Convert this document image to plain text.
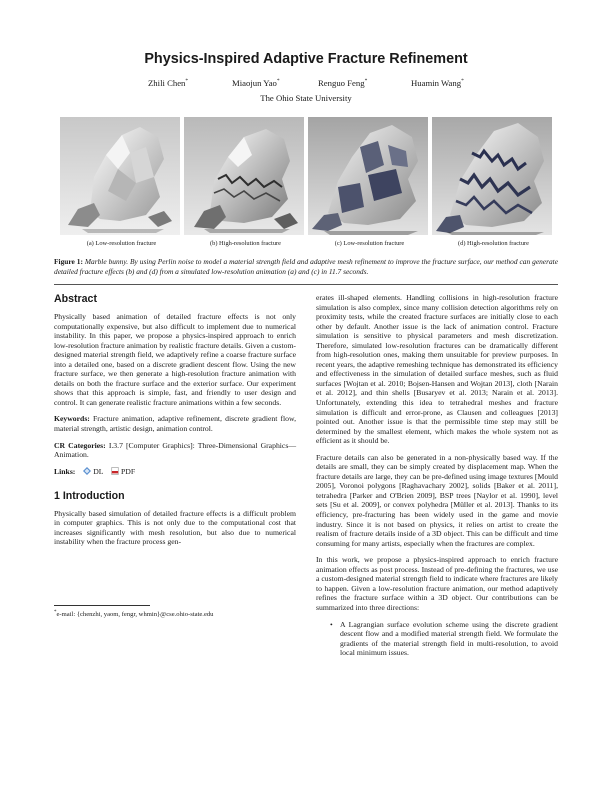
Physics-Inspired Adaptive Fracture Refinement
Zhili Chen*	Miaojun Yao*	Renguo Feng*	Huamin Wang*
The Ohio State University
(a) Low-resolution fracture	(b) High-resolution fracture	(c) Low-resolution fracture	(d) High-resolution fracture
Figure 1: Marble bunny. By using Perlin noise to model a material strength field and adaptive mesh refinement to improve the fracture surface, our method can generate detailed fracture effects (b) and (d) from a simulated low-resolution animation (a) and (c) in 11.7 seconds.
Abstract

Physically based animation of detailed fracture effects is not only computationally expensive, but also difficult to implement due to numerical instability. In this paper, we propose a physics-inspired approach to enrich low-resolution fracture animation by realistic fracture details. Given a custom-designed material strength field, we adaptively refine a coarse fracture surface into a detailed one, based on a discrete gradient descent flow. Using the new fracture surface, we then generate a high-resolution fracture animation with details on both the fracture surface and the exterior surface. Our experiment shows that this approach is simple, fast, and friendly to user design and control. It can generate realistic fracture animations within a few seconds.

Keywords: Fracture animation, adaptive refinement, discrete gradient flow, material strength, artistic design, animation control.

CR Categories: I.3.7 [Computer Graphics]: Three-Dimensional Graphics—Animation.

Links: DL PDF
1 Introduction

Physically based simulation of detailed fracture effects is a difficult problem in computer graphics. This is not only due to the computational cost that increases significantly with mesh resolution, but also due to numerical instability when the fracture process gen-

*e-mail: {chenzhi, yaom, fengr, whmin}@cse.ohio-state.edu

erates ill-shaped elements. Handling collisions in high-resolution fracture simulation is also complex, since many collision detection algorithms rely on proximity tests, while the created fracture surfaces are initially close to each other by default. Another issue is the lack of animation control. Fracture simulation is sensitive to physical parameters and mesh discretization. Therefore, simulated low-resolution fractures can be dramatically different from high-resolution ones, making them unsuitable for preview purposes. In recent years, the adaptive remeshing technique has demonstrated its efficiency and effectiveness in the simulation of detailed surface meshes, such as fluid surfaces [Wojtan et al. 2010; Bojsen-Hansen and Wojtan 2013], cloth [Narain et al. 2012], and thin shells [Busaryev et al. 2013; Narain et al. 2013]. Unfortunately, extending this idea to tetrahedral meshes and fracture simulation is difficult and error-prone, as Clausen and colleagues [2013] pointed out. Another issue is that the permissible time step may still be determined by the smallest element, which makes the whole system not as efficient as it should be.

Fracture details can also be generated in a non-physically based way. If the details are small, they can be simply created by displacement map. When the fracture details are large, they can be pre-defined using image textures [Mould 2005], Voronoi polygons [Raghavachary 2002], solids [Baker et al. 2011], tetrahedra [Parker and O'Brien 2009], BSP trees [Naylor et al. 1990], level sets [Su et al. 2009], or convex polyhedra [Müller et al. 2013]. Thanks to its efficiency, pre-fracturing has been widely used in the game and movie industry. Since it is not based on physics, it relies on artist to create the realism of fracture details inside of a 3D object. This can be difficult and time consuming for many artists, especially when the fractures are complex.

In this work, we propose a physics-inspired approach to enrich fracture animation effects as post process. Instead of pre-defining the fractures, we use a custom-designed material strength field to indicate where fractures are likely to happen. Given a low-resolution fracture animation, our method adaptively refines the fracture surface within a 3D object. Our contributions can be summarized into three directions:

• A Lagrangian surface evolution scheme using the discrete gradient descent flow and a modified material strength field. We formulate the gradients of the material strength field in multi-resolution, to avoid local minimum issues.
